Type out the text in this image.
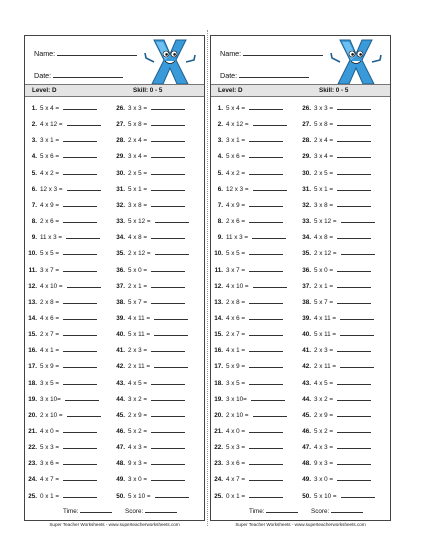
Name:
Date:
Level: D	Skill: 0 - 5
1. 5 x 4 =
2. 4 x 12 =
3. 3 x 1 =
4. 5 x 6 =
5. 4 x 2 =
6. 12 x 3 =
7. 4 x 9 =
8. 2 x 6 =
9. 11 x 3 =
10. 5 x 5 =
11. 3 x 7 =
12. 4 x 10 =
13. 2 x 8 =
14. 4 x 6 =
15. 2 x 7 =
16. 4 x 1 =
17. 5 x 9 =
18. 3 x 5 =
19. 3 x 10=
20. 2 x 10 =
21. 4 x 0 =
22. 5 x 3 =
23. 3 x 6 =
24. 4 x 7 =
25. 0 x 1 =
26. 3 x 3 =
27. 5 x 8 =
28. 2 x 4 =
29. 3 x 4 =
30. 2 x 5 =
31. 5 x 1 =
32. 3 x 8 =
33. 5 x 12 =
34. 4 x 8 =
35. 2 x 12 =
36. 5 x 0 =
37. 2 x 1 =
38. 5 x 7 =
39. 4 x 11 =
40. 5 x 11 =
41. 2 x 3 =
42. 2 x 11 =
43. 4 x 5 =
44. 3 x 2 =
45. 2 x 9 =
46. 5 x 2 =
47. 4 x 3 =
48. 9 x 3 =
49. 3 x 0 =
50. 5 x 10 =
Time:	Score:
Super Teacher Worksheets - www.superteacherworksheets.com
Name:
Date:
Level: D	Skill: 0 - 5
1. 5 x 4 =
2. 4 x 12 =
3. 3 x 1 =
4. 5 x 6 =
5. 4 x 2 =
6. 12 x 3 =
7. 4 x 9 =
8. 2 x 6 =
9. 11 x 3 =
10. 5 x 5 =
11. 3 x 7 =
12. 4 x 10 =
13. 2 x 8 =
14. 4 x 6 =
15. 2 x 7 =
16. 4 x 1 =
17. 5 x 9 =
18. 3 x 5 =
19. 3 x 10=
20. 2 x 10 =
21. 4 x 0 =
22. 5 x 3 =
23. 3 x 6 =
24. 4 x 7 =
25. 0 x 1 =
26. 3 x 3 =
27. 5 x 8 =
28. 2 x 4 =
29. 3 x 4 =
30. 2 x 5 =
31. 5 x 1 =
32. 3 x 8 =
33. 5 x 12 =
34. 4 x 8 =
35. 2 x 12 =
36. 5 x 0 =
37. 2 x 1 =
38. 5 x 7 =
39. 4 x 11 =
40. 5 x 11 =
41. 2 x 3 =
42. 2 x 11 =
43. 4 x 5 =
44. 3 x 2 =
45. 2 x 9 =
46. 5 x 2 =
47. 4 x 3 =
48. 9 x 3 =
49. 3 x 0 =
50. 5 x 10 =
Time:	Score:
Super Teacher Worksheets - www.superteacherworksheets.com
